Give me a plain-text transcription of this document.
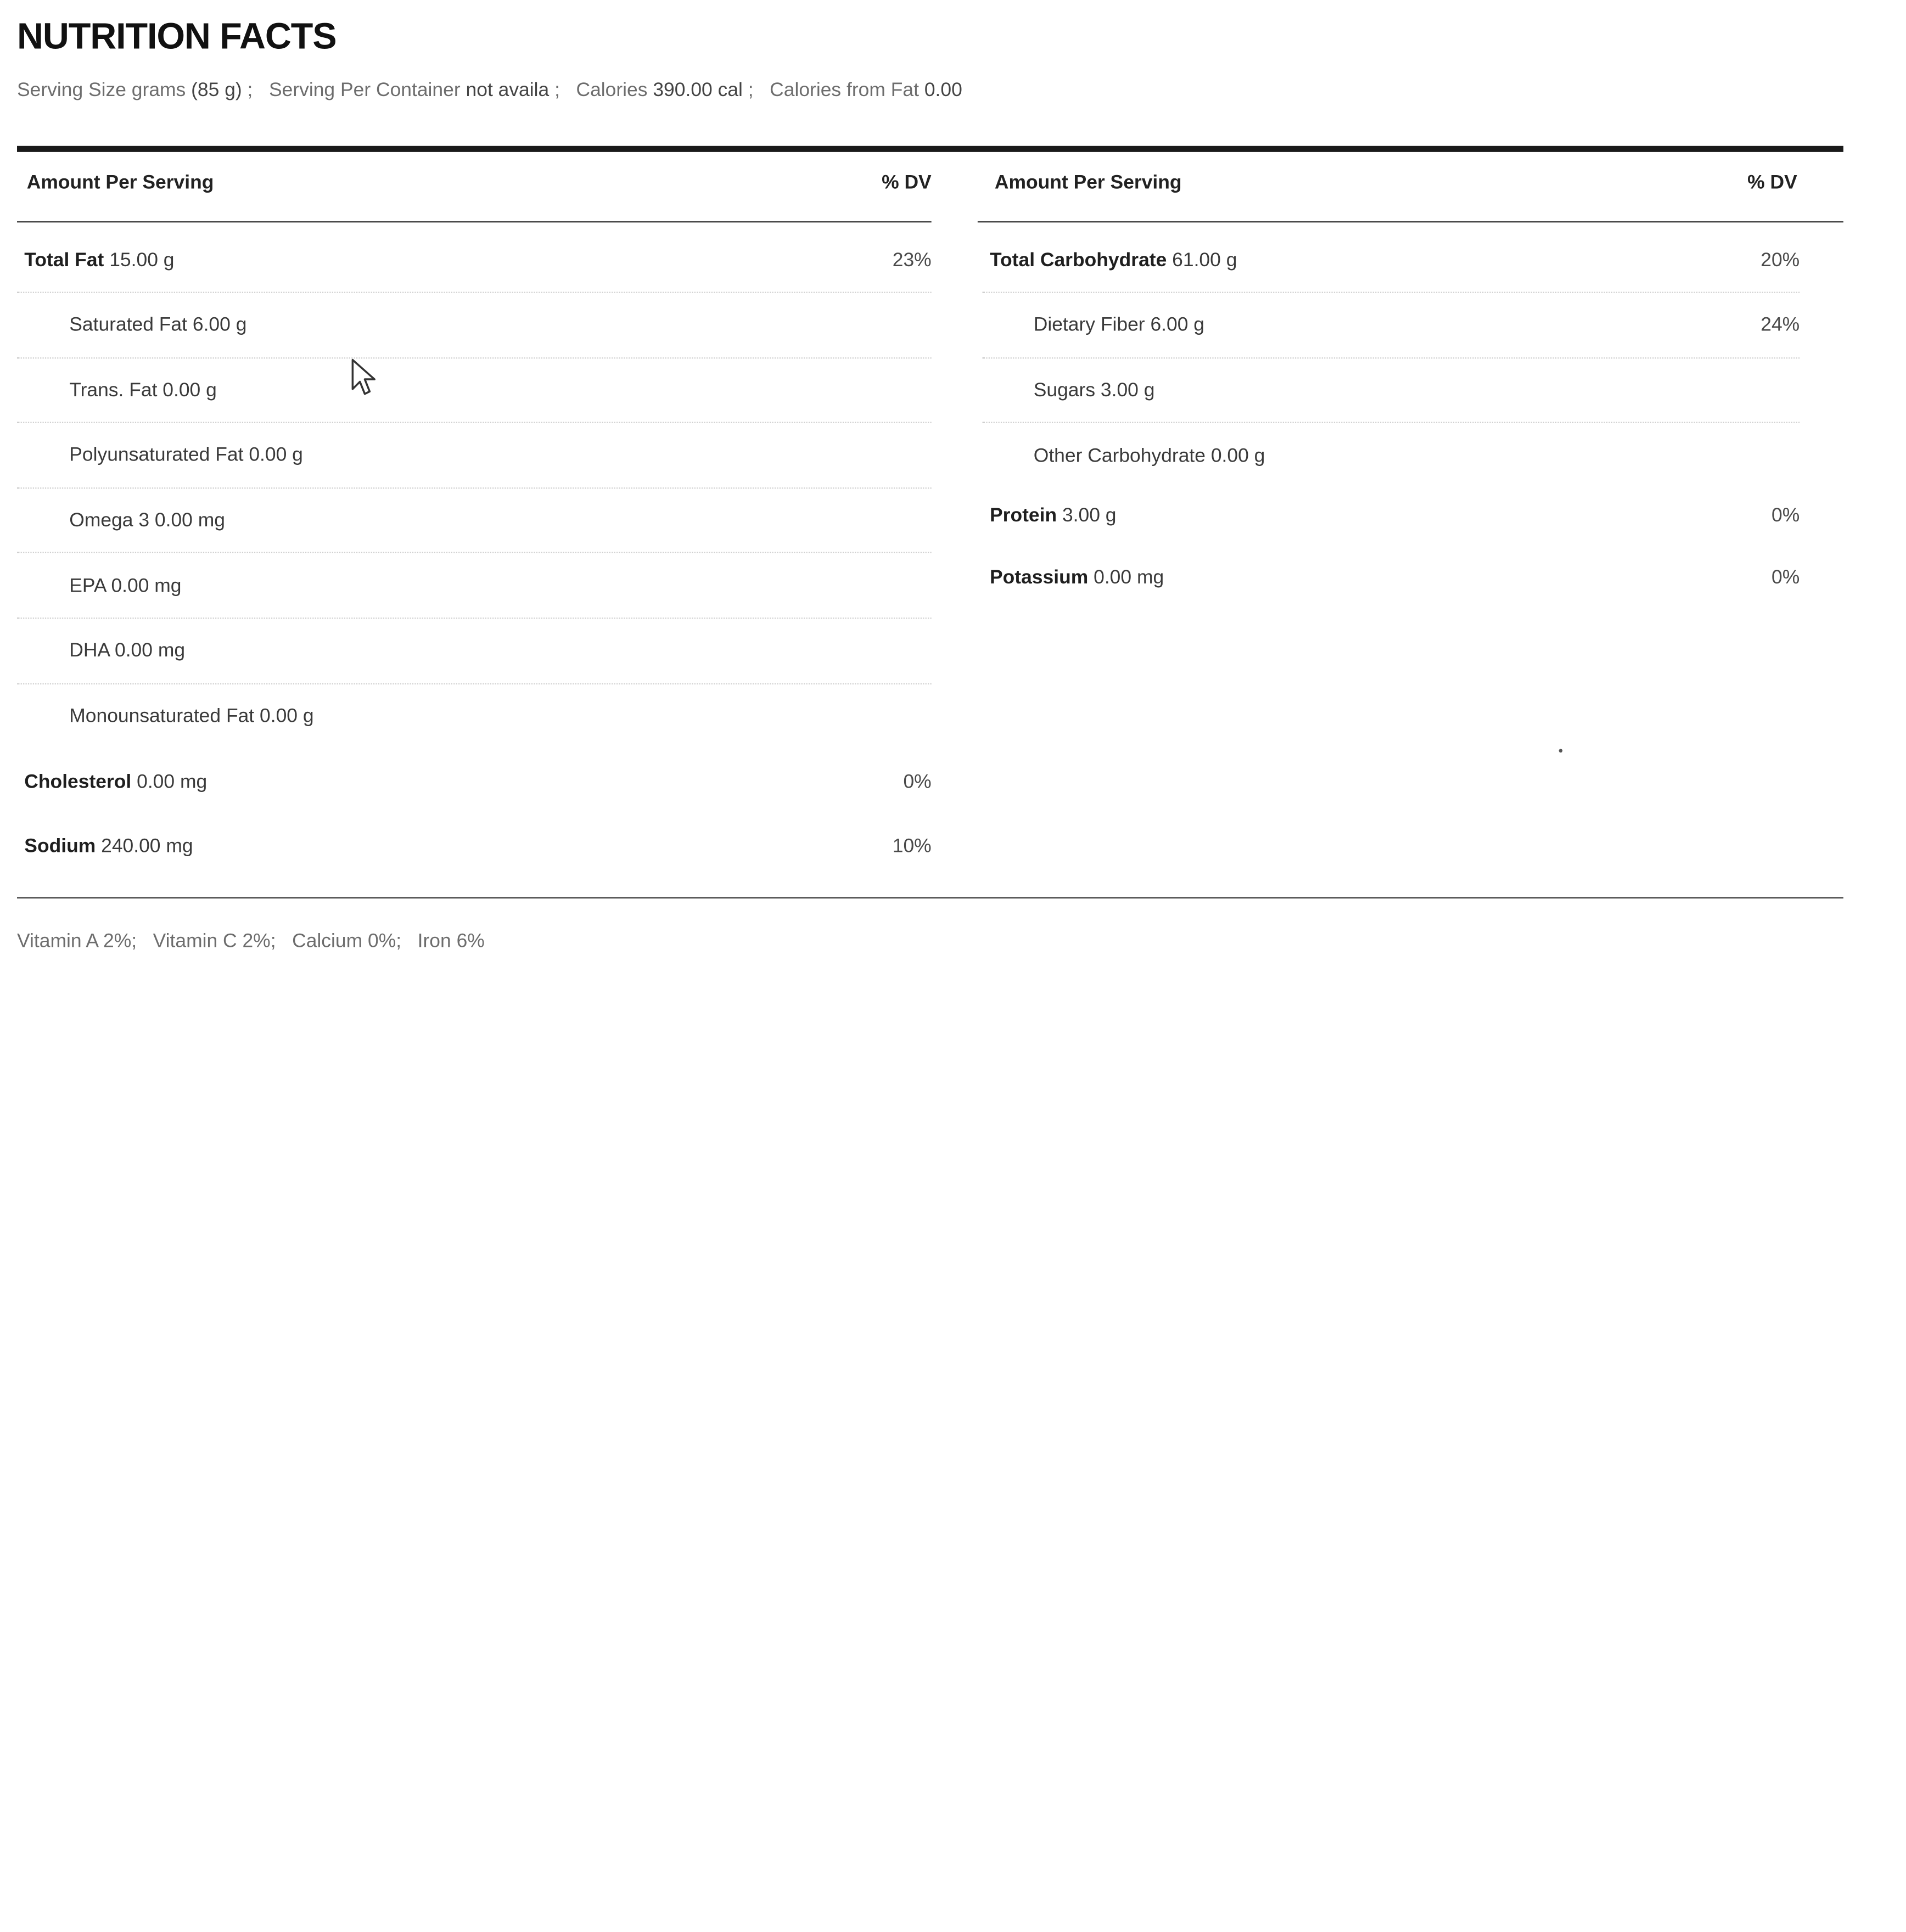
NUTRITION FACTS
Serving Size grams (85 g) ;   Serving Per Container not availa ;   Calories 390.00 cal ;   Calories from Fat 0.00
Amount Per Serving	% DV	Amount Per Serving	% DV
Total Fat 15.00 g	23%
Saturated Fat 6.00 g
Trans. Fat 0.00 g
Polyunsaturated Fat 0.00 g
Omega 3 0.00 mg
EPA 0.00 mg
DHA 0.00 mg
Monounsaturated Fat 0.00 g
Cholesterol 0.00 mg	0%
Sodium 240.00 mg	10%
Total Carbohydrate 61.00 g	20%
Dietary Fiber 6.00 g	24%
Sugars 3.00 g
Other Carbohydrate 0.00 g
Protein 3.00 g	0%
Potassium 0.00 mg	0%
Vitamin A 2%;   Vitamin C 2%;   Calcium 0%;   Iron 6%
